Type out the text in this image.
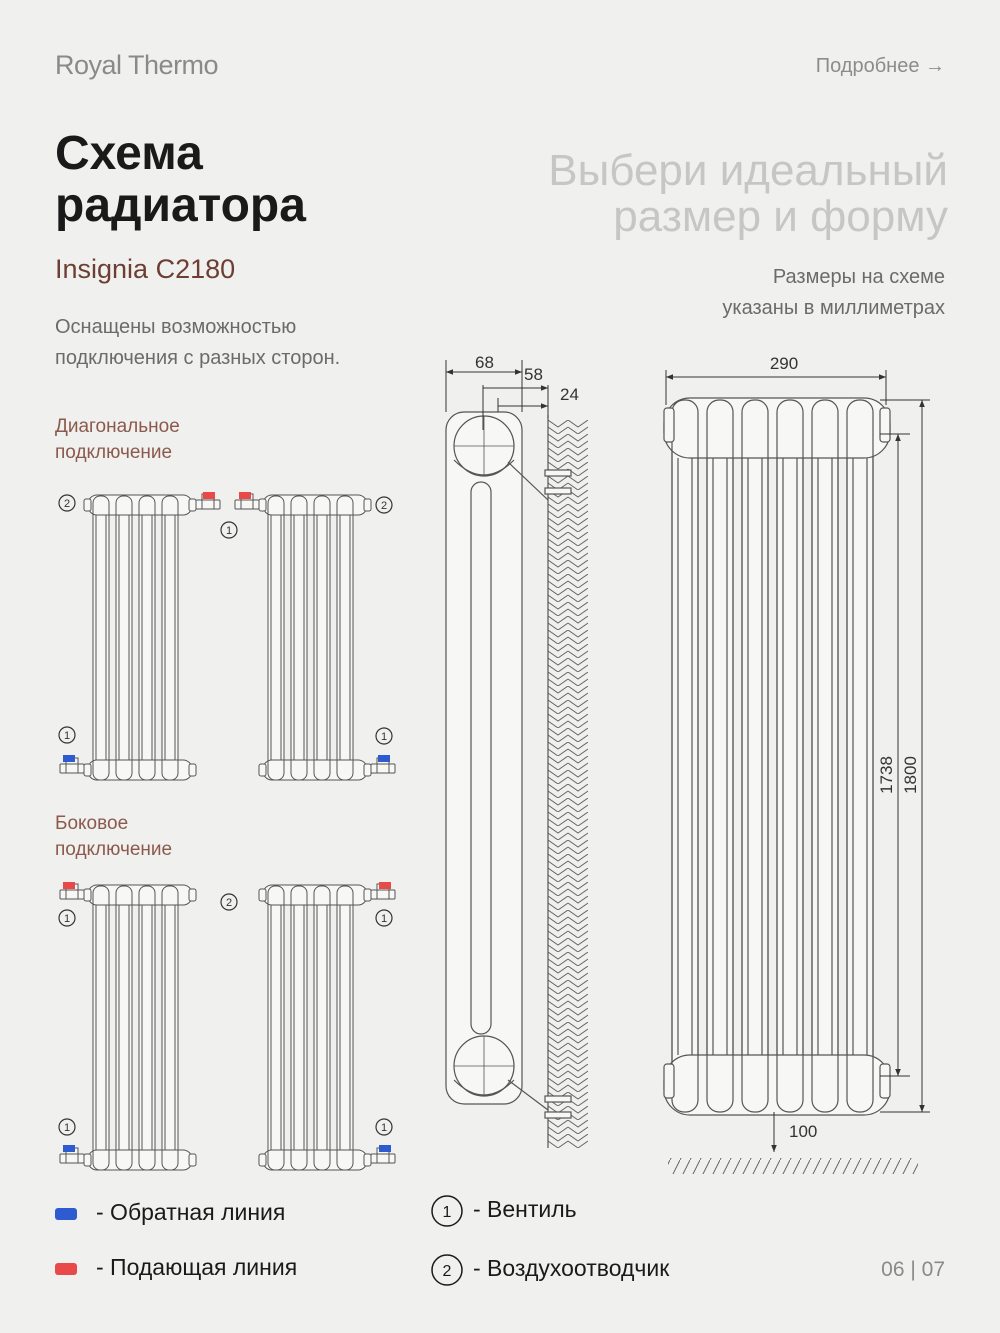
Royal Thermo	Подробнее →
Схема
радиатора
Выбери идеальный
размер и форму
Insignia C2180	Размеры на схеме
указаны в миллиметрах
Оснащены возможностью
подключения с разных сторон.
Диагональное
подключение
Боковое
подключение
2	2
1
1	1
1
2
1
1	1
68
58
24
290
1738 1800
100
1
2
- Обратная линия
- Подающая линия
- Вентиль
- Воздухоотводчик	06 | 07
